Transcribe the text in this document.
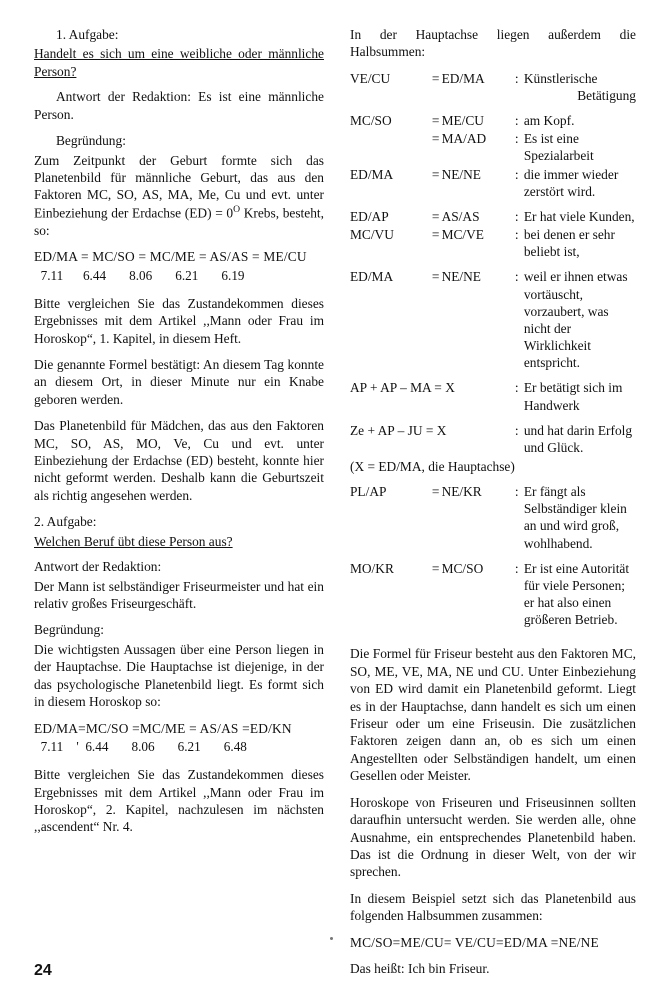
1. Aufgabe:

Handelt es sich um eine weibliche oder männliche Person?

Antwort der Redaktion: Es ist eine männliche Person.

Begründung:

Zum Zeitpunkt der Geburt formte sich das Planetenbild für männliche Geburt, das aus den Faktoren MC, SO, AS, MA, Me, Cu und evt. unter Einbeziehung der Erdachse $(ED) = 0^O$ Krebs, besteht, so:

ED/MA = MC/SO = MC/ME = AS/AS = ME/CU

7.11      6.44       8.06       6.21       6.19

Bitte vergleichen Sie das Zustandekommen dieses Ergebnisses mit dem Artikel ,,Mann oder Frau im Horoskop“, 1. Kapitel, in diesem Heft.

Die genannte Formel bestätigt: An diesem Tag konnte an diesem Ort, in dieser Minute nur ein Knabe geboren werden.

Das Planetenbild für Mädchen, das aus den Faktoren MC, SO, AS, MO, Ve, Cu und evt. unter Einbeziehung der Erdachse (ED) besteht, konnte hier nicht geformt werden. Deshalb kann die Geburtszeit als richtig angesehen werden.

2. Aufgabe:

Welchen Beruf übt diese Person aus?

Antwort der Redaktion:

Der Mann ist selbständiger Friseurmeister und hat ein relativ großes Friseurgeschäft.

Begründung:

Die wichtigsten Aussagen über eine Person liegen in der Hauptachse. Die Hauptachse ist diejenige, in der das psychologische Planetenbild liegt. Es formt sich in diesem Horoskop so:

ED/MA=MC/SO =MC/ME = AS/AS =ED/KN

7.11    '  6.44       8.06       6.21       6.48

Bitte vergleichen Sie das Zustandekommen dieses Ergebnisses mit dem Artikel ,,Mann oder Frau im Horoskop“, 2. Kapitel, nachzulesen im nächsten ,,ascendent“ Nr. 4.

In der Hauptachse liegen außerdem die Halbsummen:

VE/CU	=	ED/MA	:	Künstlerische
Betätigung

MC/SO	=	ME/CU	:	am Kopf.
	=	MA/AD	:	Es ist eine Spezialarbeit
ED/MA	=	NE/NE	:	die immer wieder zerstört wird.
ED/AP	=	AS/AS	:	Er hat viele Kunden,
MC/VU	=	MC/VE	:	bei denen er sehr beliebt ist,
ED/MA	=	NE/NE	:	weil er ihnen etwas vortäuscht, vorzaubert, was nicht der Wirklichkeit entspricht.
AP + AP – MA = X			:	Er betätigt sich im Handwerk
Ze + AP – JU = X			:	und hat darin Erfolg und Glück.
(X = ED/MA, die Hauptachse)				
PL/AP	=	NE/KR	:	Er fängt als Selbständiger klein an und wird groß, wohlhabend.
MO/KR	=	MC/SO	:	Er ist eine Autorität für viele Personen; er hat also einen größeren Betrieb.

Die Formel für Friseur besteht aus den Faktoren MC, SO, ME, VE, MA, NE und CU. Unter Einbeziehung von ED wird damit ein Planetenbild geformt. Liegt es in der Hauptachse, dann handelt es sich um einen Friseur oder um eine Friseusin. Die zusätzlichen Faktoren zeigen dann an, ob es sich um einen Angestellten oder Selbständigen handelt, um einen Gesellen oder Meister.

Horoskope von Friseuren und Friseusinnen sollten daraufhin untersucht werden. Sie werden alle, ohne Ausnahme, ein entsprechendes Planetenbild haben. Das ist die Ordnung in dieser Welt, von der wir sprechen.

In diesem Beispiel setzt sich das Planetenbild aus folgenden Halbsummen zusammen:

MC/SO=ME/CU= VE/CU=ED/MA =NE/NE

Das heißt: Ich bin Friseur.

24
